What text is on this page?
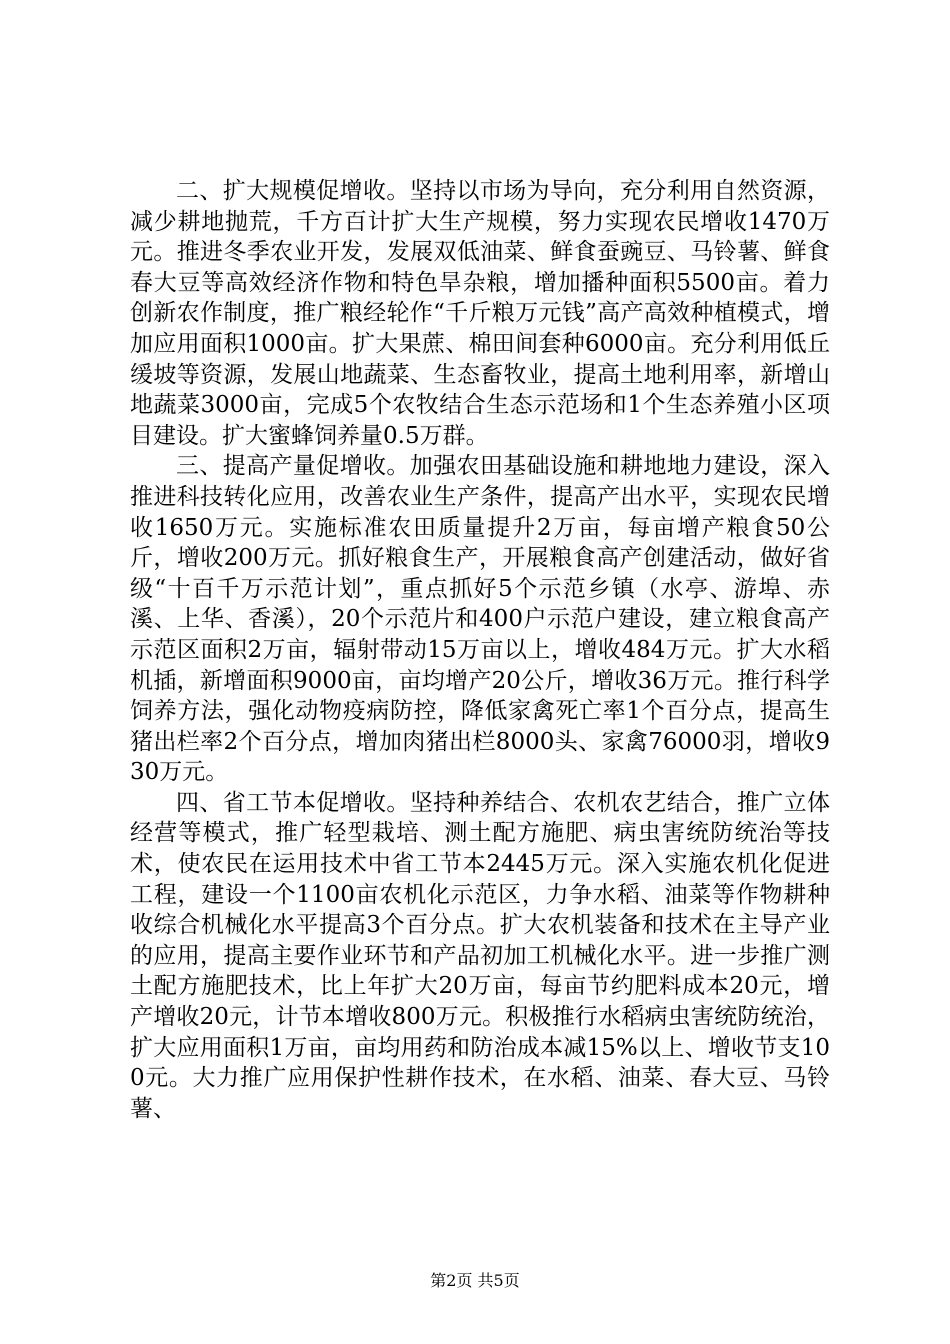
二、扩大规模促增收。坚持以市场为导向，充分利用自然资源，减少耕地抛荒，千方百计扩大生产规模，努力实现农民增收1470万元。推进冬季农业开发，发展双低油菜、鲜食蚕豌豆、马铃薯、鲜食春大豆等高效经济作物和特色旱杂粮，增加播种面积5500亩。着力创新农作制度，推广粮经轮作“千斤粮万元钱”高产高效种植模式，增加应用面积1000亩。扩大果蔗、棉田间套种6000亩。充分利用低丘缓坡等资源，发展山地蔬菜、生态畜牧业，提高土地利用率，新增山地蔬菜3000亩，完成5个农牧结合生态示范场和1个生态养殖小区项目建设。扩大蜜蜂饲养量0.5万群。

三、提高产量促增收。加强农田基础设施和耕地地力建设，深入推进科技转化应用，改善农业生产条件，提高产出水平，实现农民增收1650万元。实施标准农田质量提升2万亩，每亩增产粮食50公斤，增收200万元。抓好粮食生产，开展粮食高产创建活动，做好省级“十百千万示范计划”，重点抓好5个示范乡镇（水亭、游埠、赤溪、上华、香溪），20个示范片和400户示范户建设，建立粮食高产示范区面积2万亩，辐射带动15万亩以上，增收484万元。扩大水稻机插，新增面积9000亩，亩均增产20公斤，增收36万元。推行科学饲养方法，强化动物疫病防控，降低家禽死亡率1个百分点，提高生猪出栏率2个百分点，增加肉猪出栏8000头、家禽76000羽，增收930万元。

四、省工节本促增收。坚持种养结合、农机农艺结合，推广立体经营等模式，推广轻型栽培、测土配方施肥、病虫害统防统治等技术，使农民在运用技术中省工节本2445万元。深入实施农机化促进工程，建设一个1100亩农机化示范区，力争水稻、油菜等作物耕种收综合机械化水平提高3个百分点。扩大农机装备和技术在主导产业的应用，提高主要作业环节和产品初加工机械化水平。进一步推广测土配方施肥技术，比上年扩大20万亩，每亩节约肥料成本20元，增产增收20元，计节本增收800万元。积极推行水稻病虫害统防统治，扩大应用面积1万亩，亩均用药和防治成本减15%以上、增收节支100元。大力推广应用保护性耕作技术，在水稻、油菜、春大豆、马铃薯、

第2页 共5页
